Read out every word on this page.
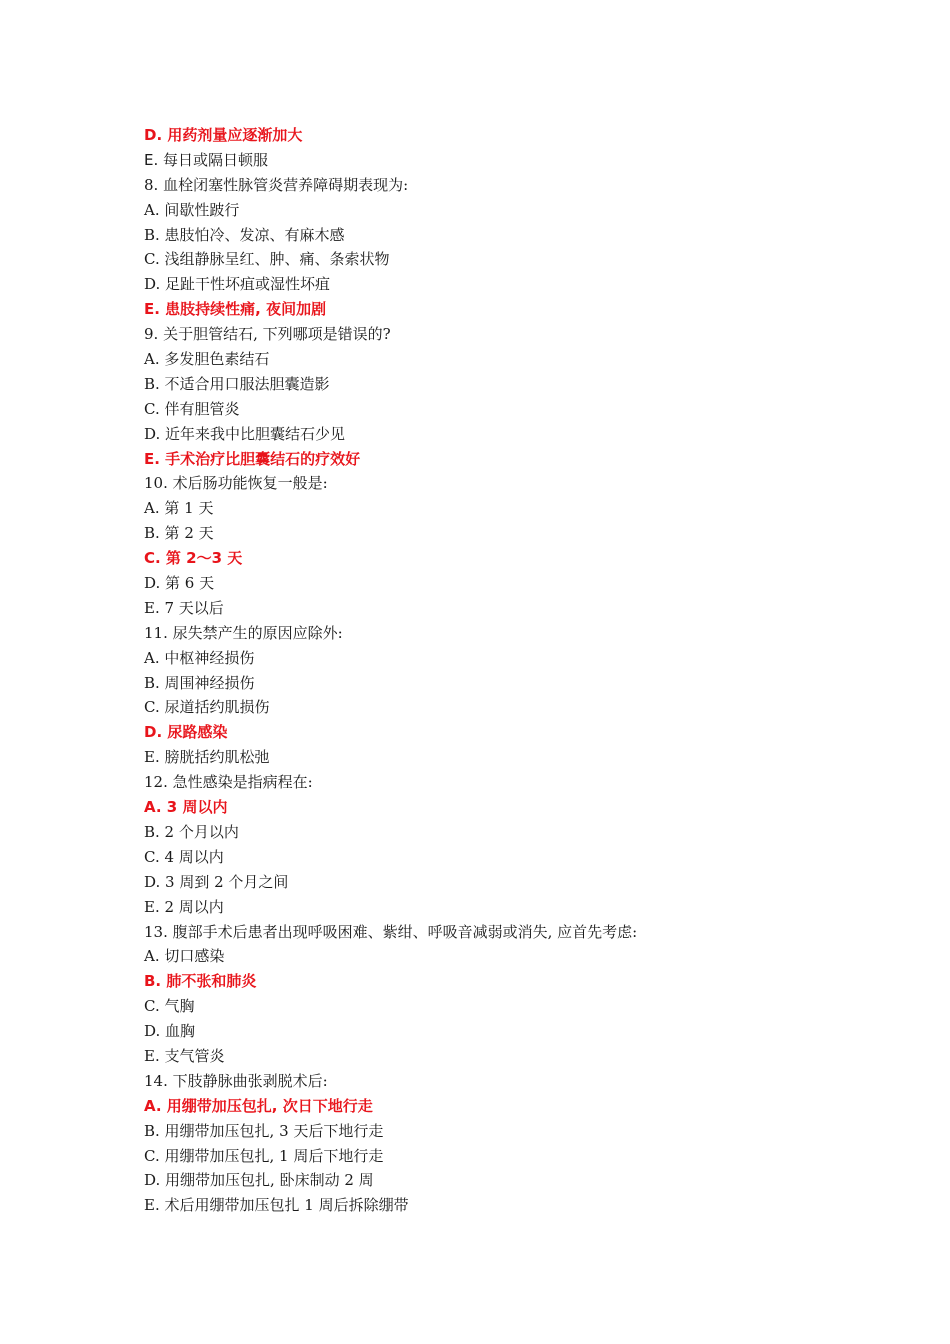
D. 用药剂量应逐渐加大
E. 每日或隔日顿服
8. 血栓闭塞性脉管炎营养障碍期表现为:
A. 间歇性跛行
B. 患肢怕冷、发凉、有麻木感
C. 浅组静脉呈红、肿、痛、条索状物
D. 足趾干性坏疽或湿性坏疽
E. 患肢持续性痛, 夜间加剧
9. 关于胆管结石, 下列哪项是错误的?
A. 多发胆色素结石
B. 不适合用口服法胆囊造影
C. 伴有胆管炎
D. 近年来我中比胆囊结石少见
E. 手术治疗比胆囊结石的疗效好
10. 术后肠功能恢复一般是:
A. 第 1 天
B. 第 2 天
C. 第 2～3 天
D. 第 6 天
E. 7 天以后
11. 尿失禁产生的原因应除外:
A. 中枢神经损伤
B. 周围神经损伤
C. 尿道括约肌损伤
D. 尿路感染
E. 膀胱括约肌松弛
12. 急性感染是指病程在:
A. 3 周以内
B. 2 个月以内
C. 4 周以内
D. 3 周到 2 个月之间
E. 2 周以内
13. 腹部手术后患者出现呼吸困难、紫绀、呼吸音减弱或消失, 应首先考虑:
A. 切口感染
B. 肺不张和肺炎
C. 气胸
D. 血胸
E. 支气管炎
14. 下肢静脉曲张剥脱术后:
A. 用绷带加压包扎, 次日下地行走
B. 用绷带加压包扎, 3 天后下地行走
C. 用绷带加压包扎, 1 周后下地行走
D. 用绷带加压包扎, 卧床制动 2 周
E. 术后用绷带加压包扎 1 周后拆除绷带
